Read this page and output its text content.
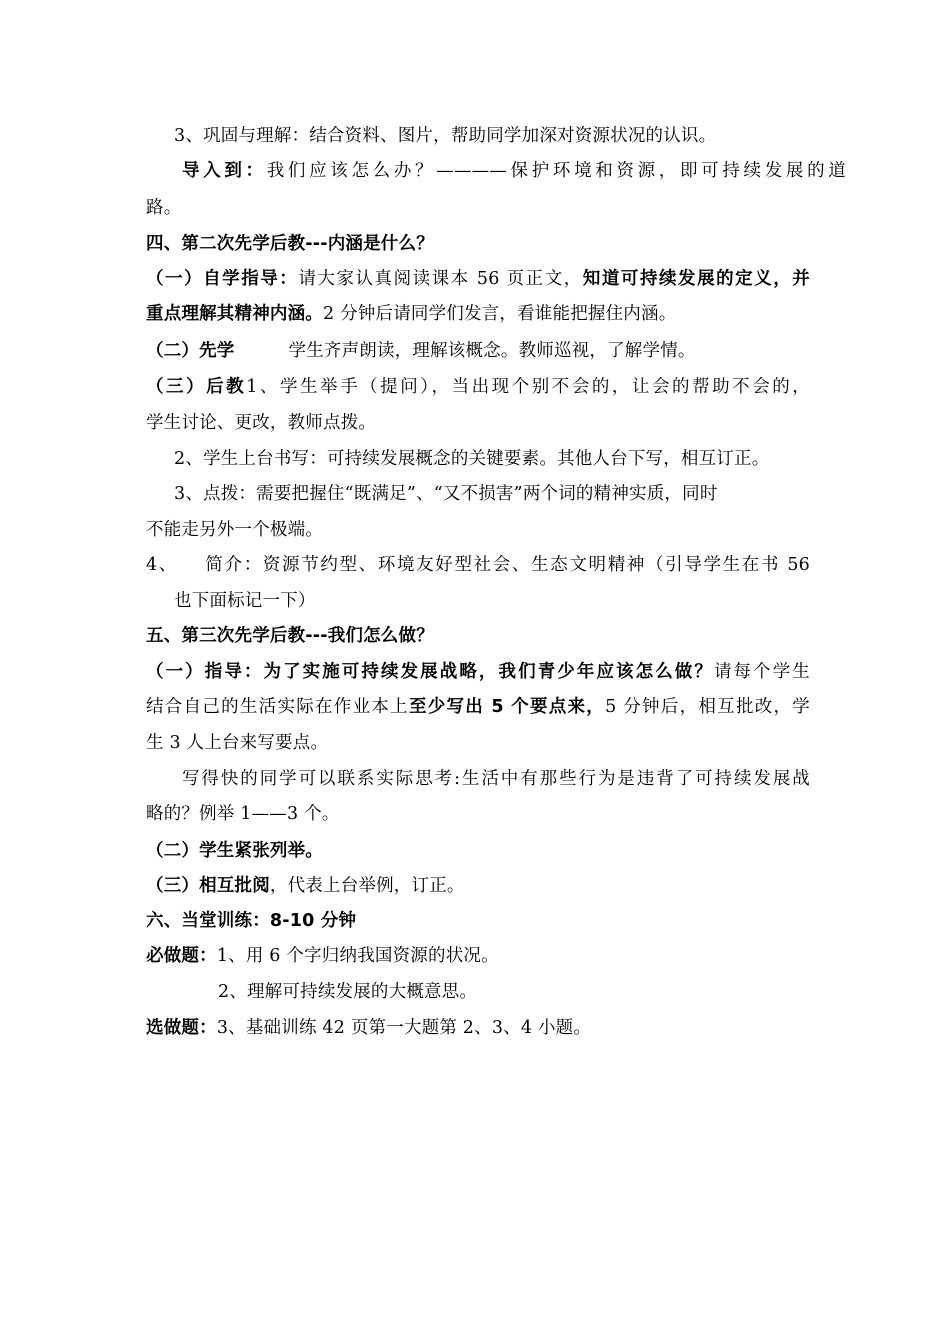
3、巩固与理解：结合资料、图片，帮助同学加深对资源状况的认识。
导入到：我们应该怎么办？————保护环境和资源，即可持续发展的道
路。
四、第二次先学后教---内涵是什么？
（一）自学指导：请大家认真阅读课本 56 页正文，知道可持续发展的定义，并
重点理解其精神内涵。2 分钟后请同学们发言，看谁能把握住内涵。
（二）先学	学生齐声朗读，理解该概念。教师巡视，了解学情。
（三）后教1、学生举手（提问），当出现个别不会的，让会的帮助不会的，
学生讨论、更改，教师点拨。
2、学生上台书写：可持续发展概念的关键要素。其他人台下写，相互订正。
3、点拨：需要把握住“既满足”、“又不损害”两个词的精神实质，同时
不能走另外一个极端。
4、 简介：资源节约型、环境友好型社会、生态文明精神（引导学生在书 56
也下面标记一下）
五、第三次先学后教---我们怎么做？
（一）指导：为了实施可持续发展战略，我们青少年应该怎么做？请每个学生
结合自己的生活实际在作业本上至少写出 5 个要点来，5 分钟后，相互批改，学
生 3 人上台来写要点。
写得快的同学可以联系实际思考:生活中有那些行为是违背了可持续发展战
略的？例举 1——3 个。
（二）学生紧张列举。
（三）相互批阅，代表上台举例，订正。
六、当堂训练：8-10 分钟
必做题：1、用 6 个字归纳我国资源的状况。
2、理解可持续发展的大概意思。
选做题：3、基础训练 42 页第一大题第 2、3、4 小题。
